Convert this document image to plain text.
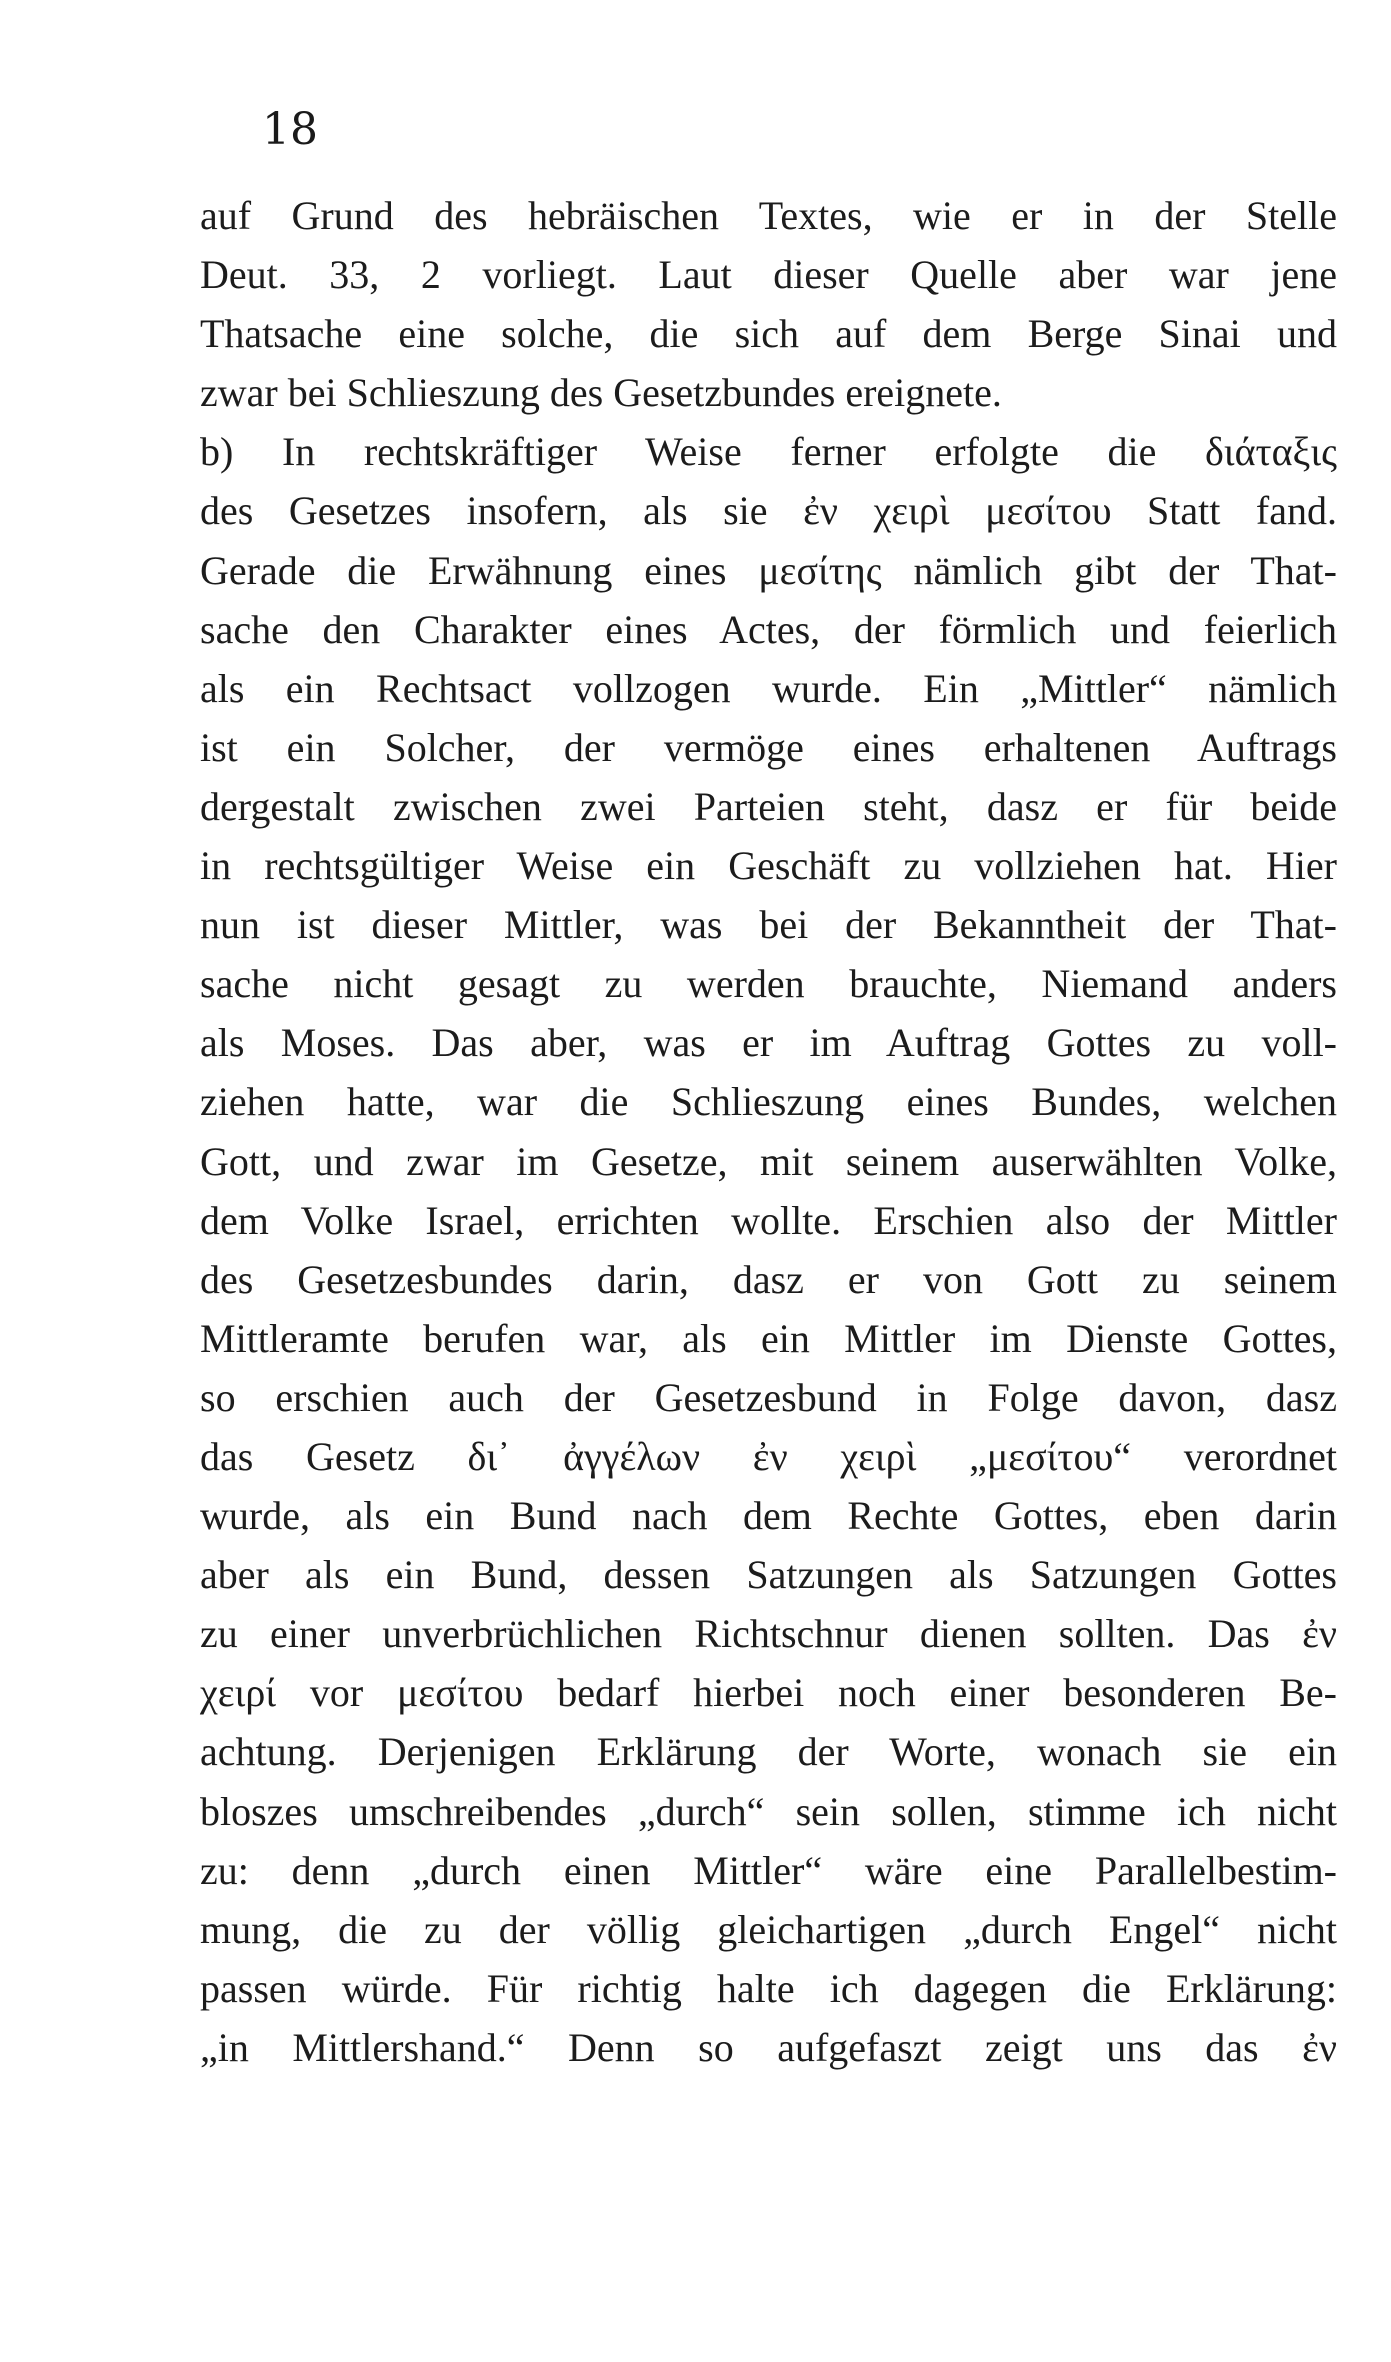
18
auf Grund des hebräischen Textes, wie er in der Stelle
Deut. 33, 2 vorliegt. Laut dieser Quelle aber war jene
Thatsache eine solche, die sich auf dem Berge Sinai und
zwar bei Schlieszung des Gesetzbundes ereignete.
b) In rechtskräftiger Weise ferner erfolgte die διάταξις
des Gesetzes insofern, als sie ἐν χειρὶ μεσίτου Statt fand.
Gerade die Erwähnung eines μεσίτης nämlich gibt der That-
sache den Charakter eines Actes, der förmlich und feierlich
als ein Rechtsact vollzogen wurde. Ein „Mittler“ nämlich
ist ein Solcher, der vermöge eines erhaltenen Auftrags
dergestalt zwischen zwei Parteien steht, dasz er für beide
in rechtsgültiger Weise ein Geschäft zu vollziehen hat. Hier
nun ist dieser Mittler, was bei der Bekanntheit der That-
sache nicht gesagt zu werden brauchte, Niemand anders
als Moses. Das aber, was er im Auftrag Gottes zu voll-
ziehen hatte, war die Schlieszung eines Bundes, welchen
Gott, und zwar im Gesetze, mit seinem auserwählten Volke,
dem Volke Israel, errichten wollte. Erschien also der Mittler
des Gesetzesbundes darin, dasz er von Gott zu seinem
Mittleramte berufen war, als ein Mittler im Dienste Gottes,
so erschien auch der Gesetzesbund in Folge davon, dasz
das Gesetz δι᾽ ἀγγέλων ἐν χειρὶ „μεσίτου“ verordnet
wurde, als ein Bund nach dem Rechte Gottes, eben darin
aber als ein Bund, dessen Satzungen als Satzungen Gottes
zu einer unverbrüchlichen Richtschnur dienen sollten. Das ἐν
χειρί vor μεσίτου bedarf hierbei noch einer besonderen Be-
achtung. Derjenigen Erklärung der Worte, wonach sie ein
bloszes umschreibendes „durch“ sein sollen, stimme ich nicht
zu: denn „durch einen Mittler“ wäre eine Parallelbestim-
mung, die zu der völlig gleichartigen „durch Engel“ nicht
passen würde. Für richtig halte ich dagegen die Erklärung:
„in Mittlershand.“ Denn so aufgefaszt zeigt uns das ἐν
